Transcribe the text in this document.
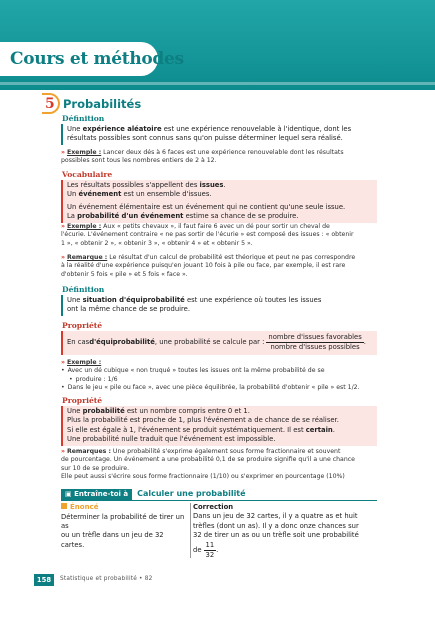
Cours et méthodes
5 Probabilités
Définition
Une expérience aléatoire est une expérience renouvelable à l'identique, dont les
résultats possibles sont connus sans qu'on puisse déterminer lequel sera réalisé.
» Exemple : Lancer deux dés à 6 faces est une expérience renouvelable dont les résultats
possibles sont tous les nombres entiers de 2 à 12.
Vocabulaire
Les résultats possibles s'appellent des issues.
Un événement est un ensemble d'issues.
Un événement élémentaire est un événement qui ne contient qu'une seule issue.
La probabilité d'un événement estime sa chance de se produire.
» Exemple : Aux « petits chevaux », il faut faire 6 avec un dé pour sortir un cheval de
l'écurie. L'événement contraire « ne pas sortir de l'écurie » est composé des issues : « obtenir
1 », « obtenir 2 », « obtenir 3 », « obtenir 4 » et « obtenir 5 ».
» Remarque : Le résultat d'un calcul de probabilité est théorique et peut ne pas correspondre
à la réalité d'une expérience puisqu'en jouant 10 fois à pile ou face, par exemple, il est rare
d'obtenir 5 fois « pile » et 5 fois « face ».
Définition
Une situation d'équiprobabilité est une expérience où toutes les issues
ont la même chance de se produire.
Propriété
En cas d'équiprobabilité , une probabilité se calcule par : $\frac{\text{nombre d'issues favorables}}{\text{nombre d'issues possibles}}$ .
» Exemple :
• Avec un dé cubique « non truqué » toutes les issues ont la même probabilité de se
• produire : 1/6
• Dans le jeu « pile ou face », avec une pièce équilibrée, la probabilité d'obtenir « pile » est 1/2.
Propriété
Une probabilité est un nombre compris entre 0 et 1.
Plus la probabilité est proche de 1, plus l'événement a de chance de se réaliser.
Si elle est égale à 1, l'événement se produit systématiquement. Il est certain.
Une probabilité nulle traduit que l'événement est impossible.
» Remarques : Une probabilité s'exprime également sous forme fractionnaire et souvent
de pourcentage. Un événement a une probabilité 0,1 de se produire signifie qu'il a une chance
sur 10 de se produire.
Elle peut aussi s'écrire sous forme fractionnaire (1/10) ou s'exprimer en pourcentage (10%)
▣ Entraîne-toi à	Calculer une probabilité
Énoncé
Déterminer la probabilité de tirer un as
ou un trèfle dans un jeu de 32 cartes.
Correction
Dans un jeu de 32 cartes, il y a quatre as et huit
trèfles (dont un as). Il y a donc onze chances sur
32 de tirer un as ou un trèfle soit une probabilité
de $\frac{11}{32}$ .
158	Statistique et probabilité • 82
